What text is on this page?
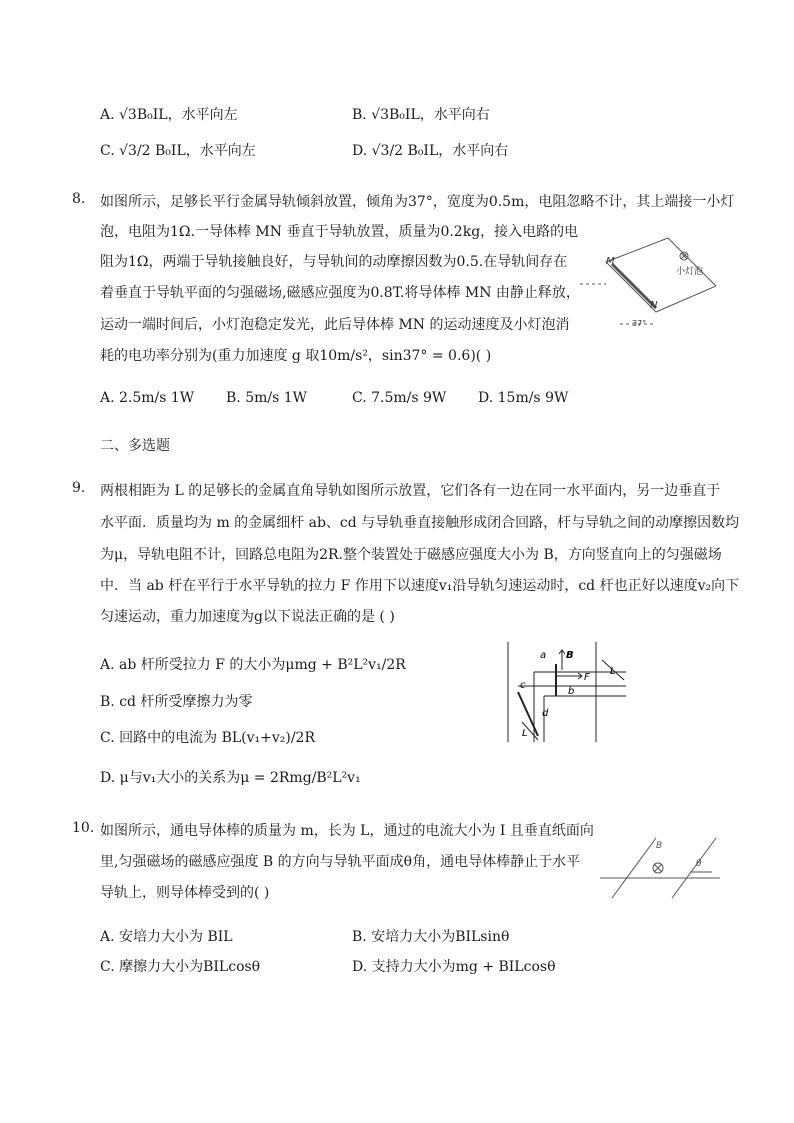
A. √3B₀IL，水平向左	B. √3B₀IL，水平向右
C. √3/2 B₀IL，水平向左	D. √3/2 B₀IL，水平向右
8. 如图所示，足够长平行金属导轨倾斜放置，倾角为37°，宽度为0.5m，电阻忽略不计，其上端接一小灯
泡，电阻为1Ω.一导体棒 MN 垂直于导轨放置，质量为0.2kg，接入电路的电
阻为1Ω，两端于导轨接触良好，与导轨间的动摩擦因数为0.5.在导轨间存在
着垂直于导轨平面的匀强磁场,磁感应强度为0.8T.将导体棒 MN 由静止释放，
运动一端时间后，小灯泡稳定发光，此后导体棒 MN 的运动速度及小灯泡消
耗的电功率分别为(重力加速度 g 取10m/s²，sin37° = 0.6)( )
M
N
小灯泡
37°
A. 2.5m/s 1W B. 5m/s 1W	C. 7.5m/s 9W D. 15m/s 9W
二、多选题
9. 两根相距为 L 的足够长的金属直角导轨如图所示放置，它们各有一边在同一水平面内，另一边垂直于
水平面．质量均为 m 的金属细杆 ab、cd 与导轨垂直接触形成闭合回路，杆与导轨之间的动摩擦因数均
为μ，导轨电阻不计，回路总电阻为2R.整个装置处于磁感应强度大小为 B，方向竖直向上的匀强磁场
中．当 ab 杆在平行于水平导轨的拉力 F 作用下以速度v₁沿导轨匀速运动时，cd 杆也正好以速度v₂向下
匀速运动，重力加速度为g以下说法正确的是 ( )
A. ab 杆所受拉力 F 的大小为μmg + B²L²v₁/2R
B. cd 杆所受摩擦力为零
C. 回路中的电流为 BL(v₁+v₂)/2R
D. μ与v₁大小的关系为μ = 2Rmg/B²L²v₁
a B
F
b
c
d
L
L
10. 如图所示，通电导体棒的质量为 m，长为 L，通过的电流大小为 I 且垂直纸面向
里,匀强磁场的磁感应强度 B 的方向与导轨平面成θ角，通电导体棒静止于水平
导轨上，则导体棒受到的( )
B
θ
A. 安培力大小为 BIL	B. 安培力大小为BILsinθ
C. 摩擦力大小为BILcosθ	D. 支持力大小为mg + BILcosθ
